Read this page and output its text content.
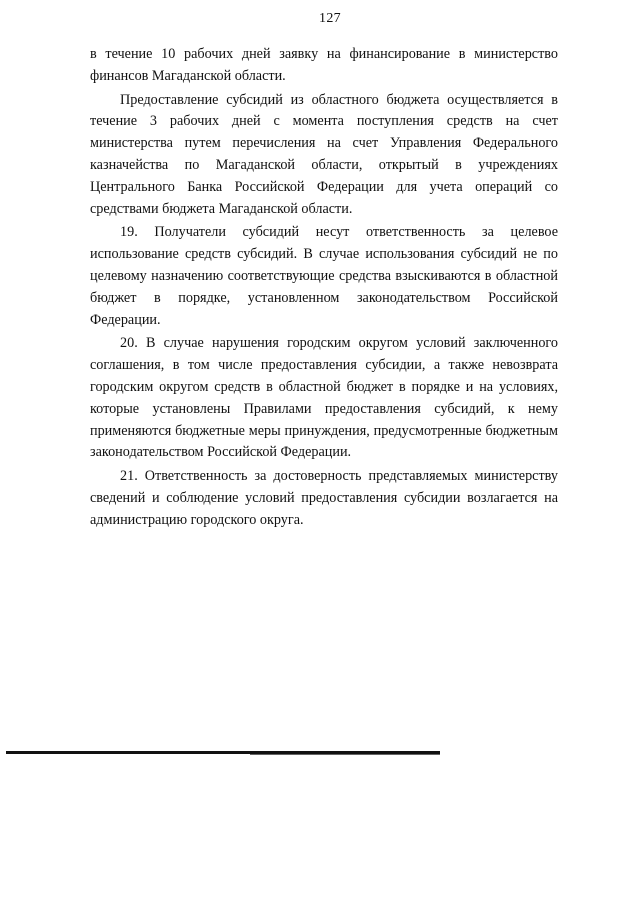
127

в течение 10 рабочих дней заявку на финансирование в министерство финансов Магаданской области.

Предоставление субсидий из областного бюджета осуществляется в течение 3 рабочих дней с момента поступления средств на счет министерства путем перечисления на счет Управления Федерального казначейства по Магаданской области, открытый в учреждениях Центрального Банка Российской Федерации для учета операций со средствами бюджета Магаданской области.

19. Получатели субсидий несут ответственность за целевое использование средств субсидий. В случае использования субсидий не по целевому назначению соответствующие средства взыскиваются в областной бюджет в порядке, установленном законодательством Российской Федерации.

20. В случае нарушения городским округом условий заключенного соглашения, в том числе предоставления субсидии, а также невозврата городским округом средств в областной бюджет в порядке и на условиях, которые установлены Правилами предоставления субсидий, к нему применяются бюджетные меры принуждения, предусмотренные бюджетным законодательством Российской Федерации.

21. Ответственность за достоверность представляемых министерству сведений и соблюдение условий предоставления субсидии возлагается на администрацию городского округа.
